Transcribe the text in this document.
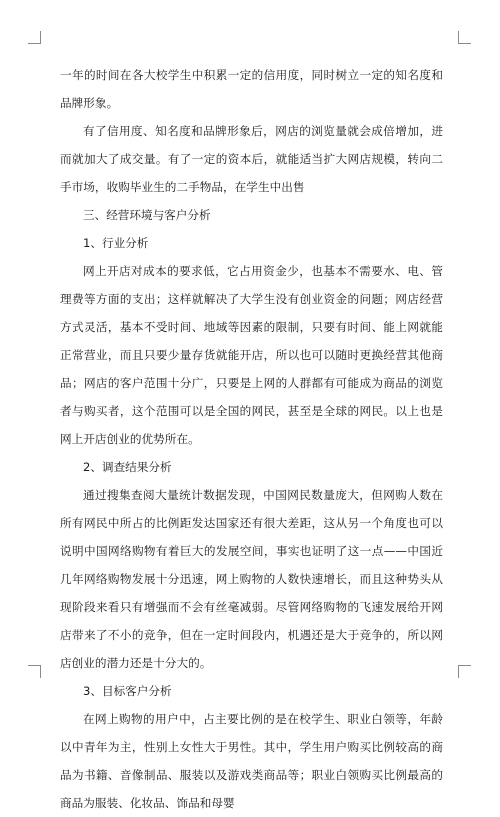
一年的时间在各大校学生中积累一定的信用度，同时树立一定的知名度和品牌形象。

有了信用度、知名度和品牌形象后，网店的浏览量就会成倍增加，进而就加大了成交量。有了一定的资本后，就能适当扩大网店规模，转向二手市场，收购毕业生的二手物品，在学生中出售

三、经营环境与客户分析

1、行业分析

网上开店对成本的要求低，它占用资金少，也基本不需要水、电、管理费等方面的支出；这样就解决了大学生没有创业资金的问题；网店经营方式灵活，基本不受时间、地域等因素的限制，只要有时间、能上网就能正常营业，而且只要少量存货就能开店，所以也可以随时更换经营其他商品；网店的客户范围十分广，只要是上网的人群都有可能成为商品的浏览者与购买者，这个范围可以是全国的网民，甚至是全球的网民。以上也是网上开店创业的优势所在。

2、调查结果分析

通过搜集查阅大量统计数据发现，中国网民数量庞大，但网购人数在所有网民中所占的比例距发达国家还有很大差距，这从另一个角度也可以说明中国网络购物有着巨大的发展空间，事实也证明了这一点——中国近几年网络购物发展十分迅速，网上购物的人数快速增长，而且这种势头从现阶段来看只有增强而不会有丝毫减弱。尽管网络购物的飞速发展给开网店带来了不小的竞争，但在一定时间段内，机遇还是大于竞争的，所以网店创业的潜力还是十分大的。

3、目标客户分析

在网上购物的用户中，占主要比例的是在校学生、职业白领等，年龄以中青年为主，性别上女性大于男性。其中，学生用户购买比例较高的商品为书籍、音像制品、服装以及游戏类商品等；职业白领购买比例最高的商品为服装、化妆品、饰品和母婴
